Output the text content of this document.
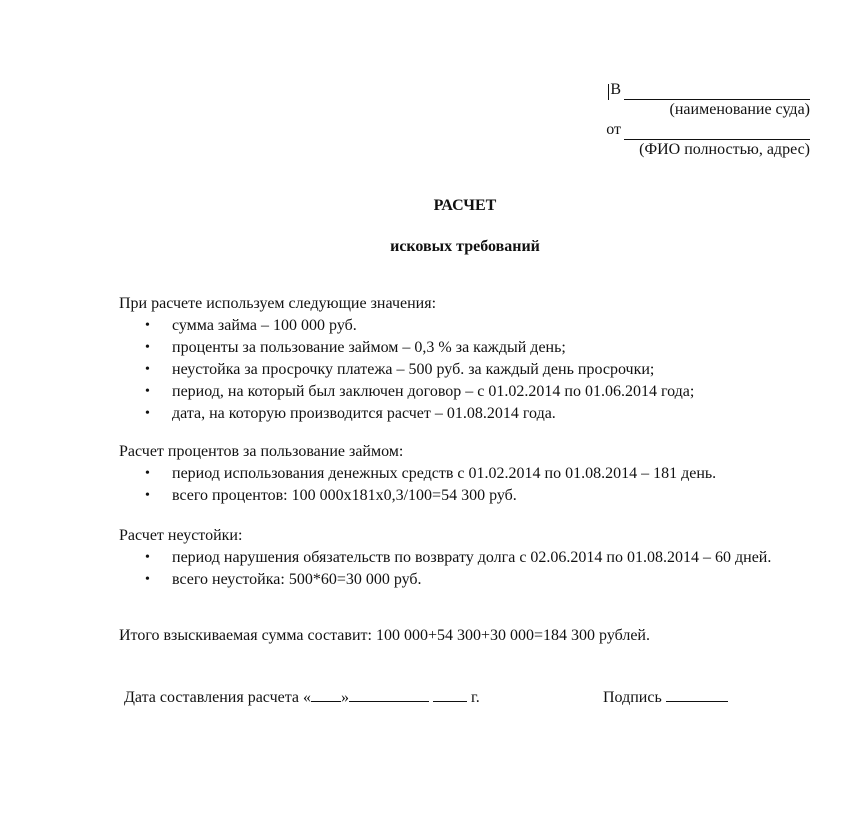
В
(наименование суда)
от
(ФИО полностью, адрес)
РАСЧЕТ
исковых требований

При расчете используем следующие значения:

• сумма займа – 100 000 руб.
• проценты за пользование займом – 0,3 % за каждый день;
• неустойка за просрочку платежа – 500 руб. за каждый день просрочки;
• период, на который был заключен договор – с 01.02.2014 по 01.06.2014 года;
• дата, на которую производится расчет – 01.08.2014 года.

Расчет процентов за пользование займом:

• период использования денежных средств с 01.02.2014 по 01.08.2014 – 181 день.
• всего процентов: 100 000х181х0,3/100=54 300 руб.

Расчет неустойки:

• период нарушения обязательств по возврату долга с 02.06.2014 по 01.08.2014 – 60 дней.
• всего неустойка: 500*60=30 000 руб.
Итого взыскиваемая сумма составит: 100 000+54 300+30 000=184 300 рублей.
Дата составления расчета « »	г.	Подпись
